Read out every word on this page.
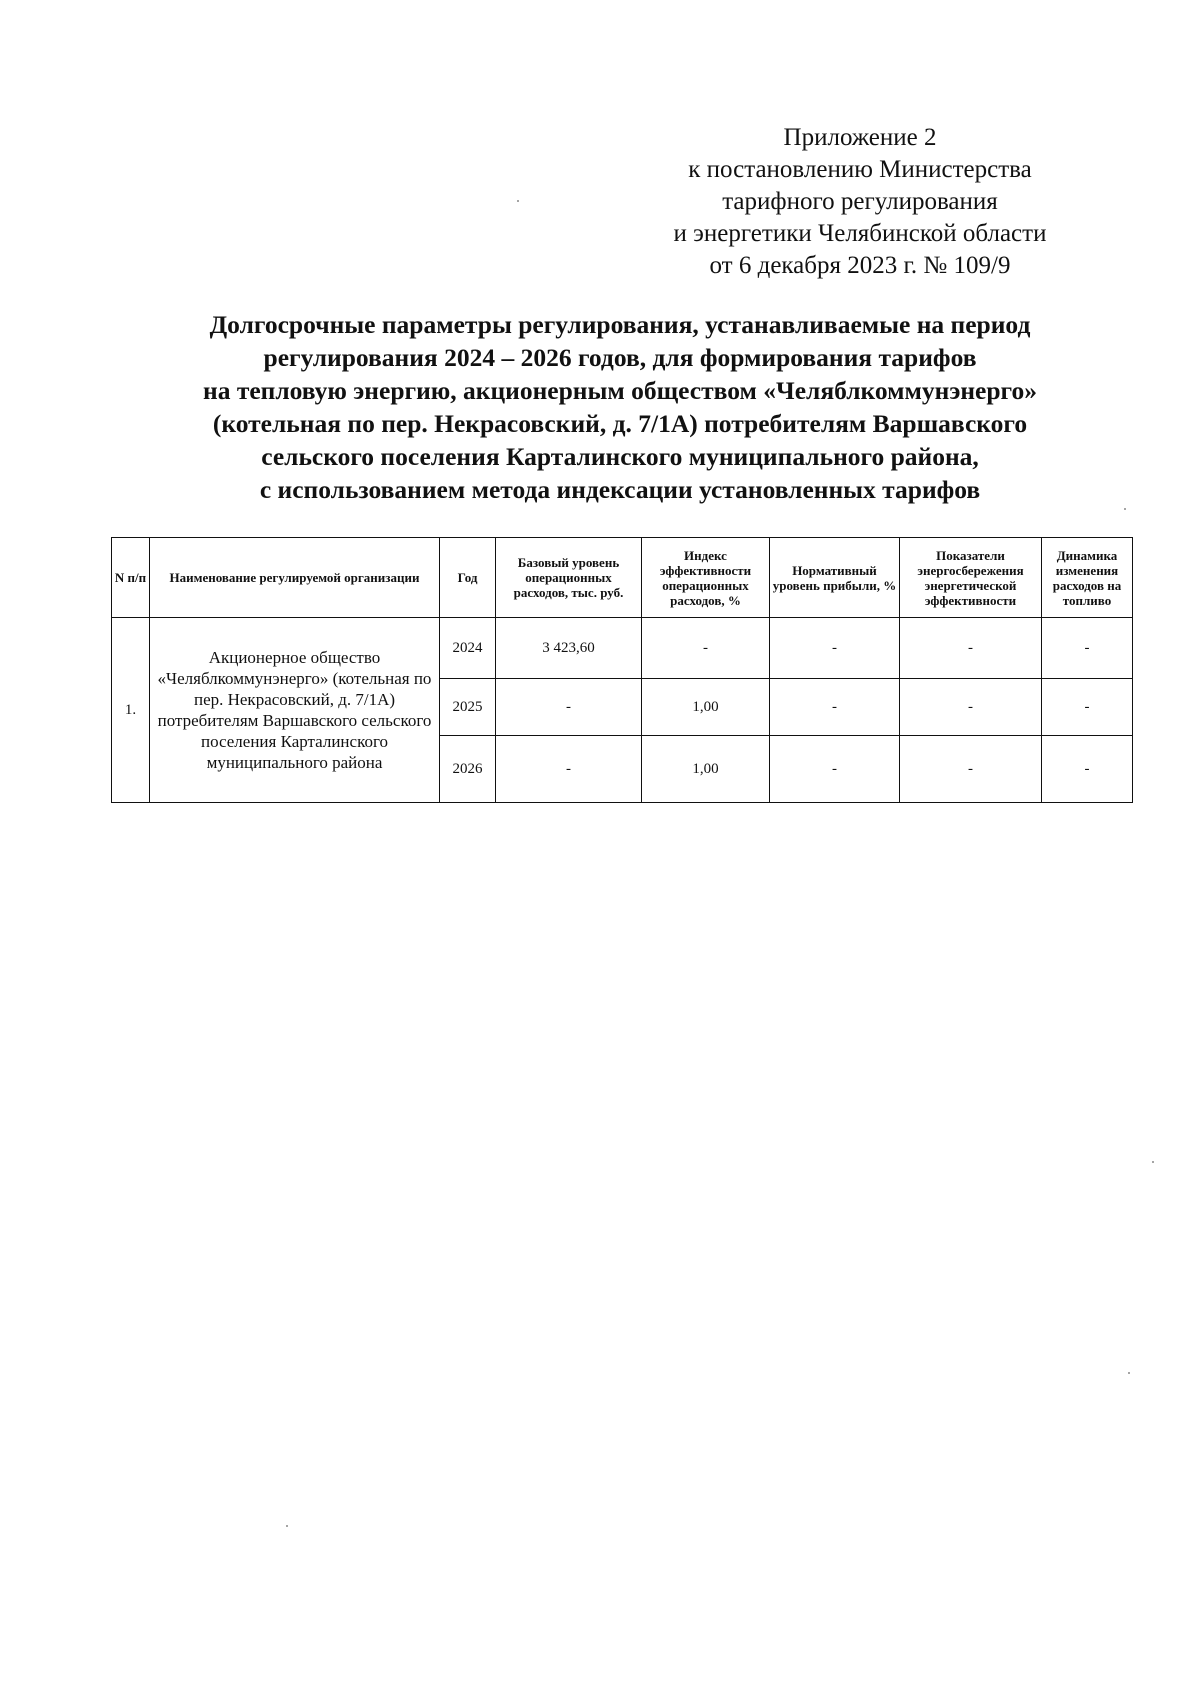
Приложение 2
к постановлению Министерства
тарифного регулирования
и энергетики Челябинской области
от 6 декабря 2023 г. № 109/9
Долгосрочные параметры регулирования, устанавливаемые на период
регулирования 2024 – 2026 годов, для формирования тарифов
на тепловую энергию, акционерным обществом «Челяблкоммунэнерго»
(котельная по пер. Некрасовский, д. 7/1А) потребителям Варшавского
сельского поселения Карталинского муниципального района,
с использованием метода индексации установленных тарифов
N п/п	Наименование регулируемой организации	Год	Базовый уровень операционных расходов, тыс. руб.	Индекс эффективности операционных расходов, %	Нормативный уровень прибыли, %	Показатели энергосбережения энергетической эффективности	Динамика изменения расходов на топливо
1.	Акционерное общество «Челяблкоммунэнерго» (котельная по пер. Некрасовский, д. 7/1А) потребителям Варшавского сельского поселения Карталинского муниципального района	2024	3 423,60	-	-	-	-
		2025	-	1,00	-	-	-
		2026	-	1,00	-	-	-
